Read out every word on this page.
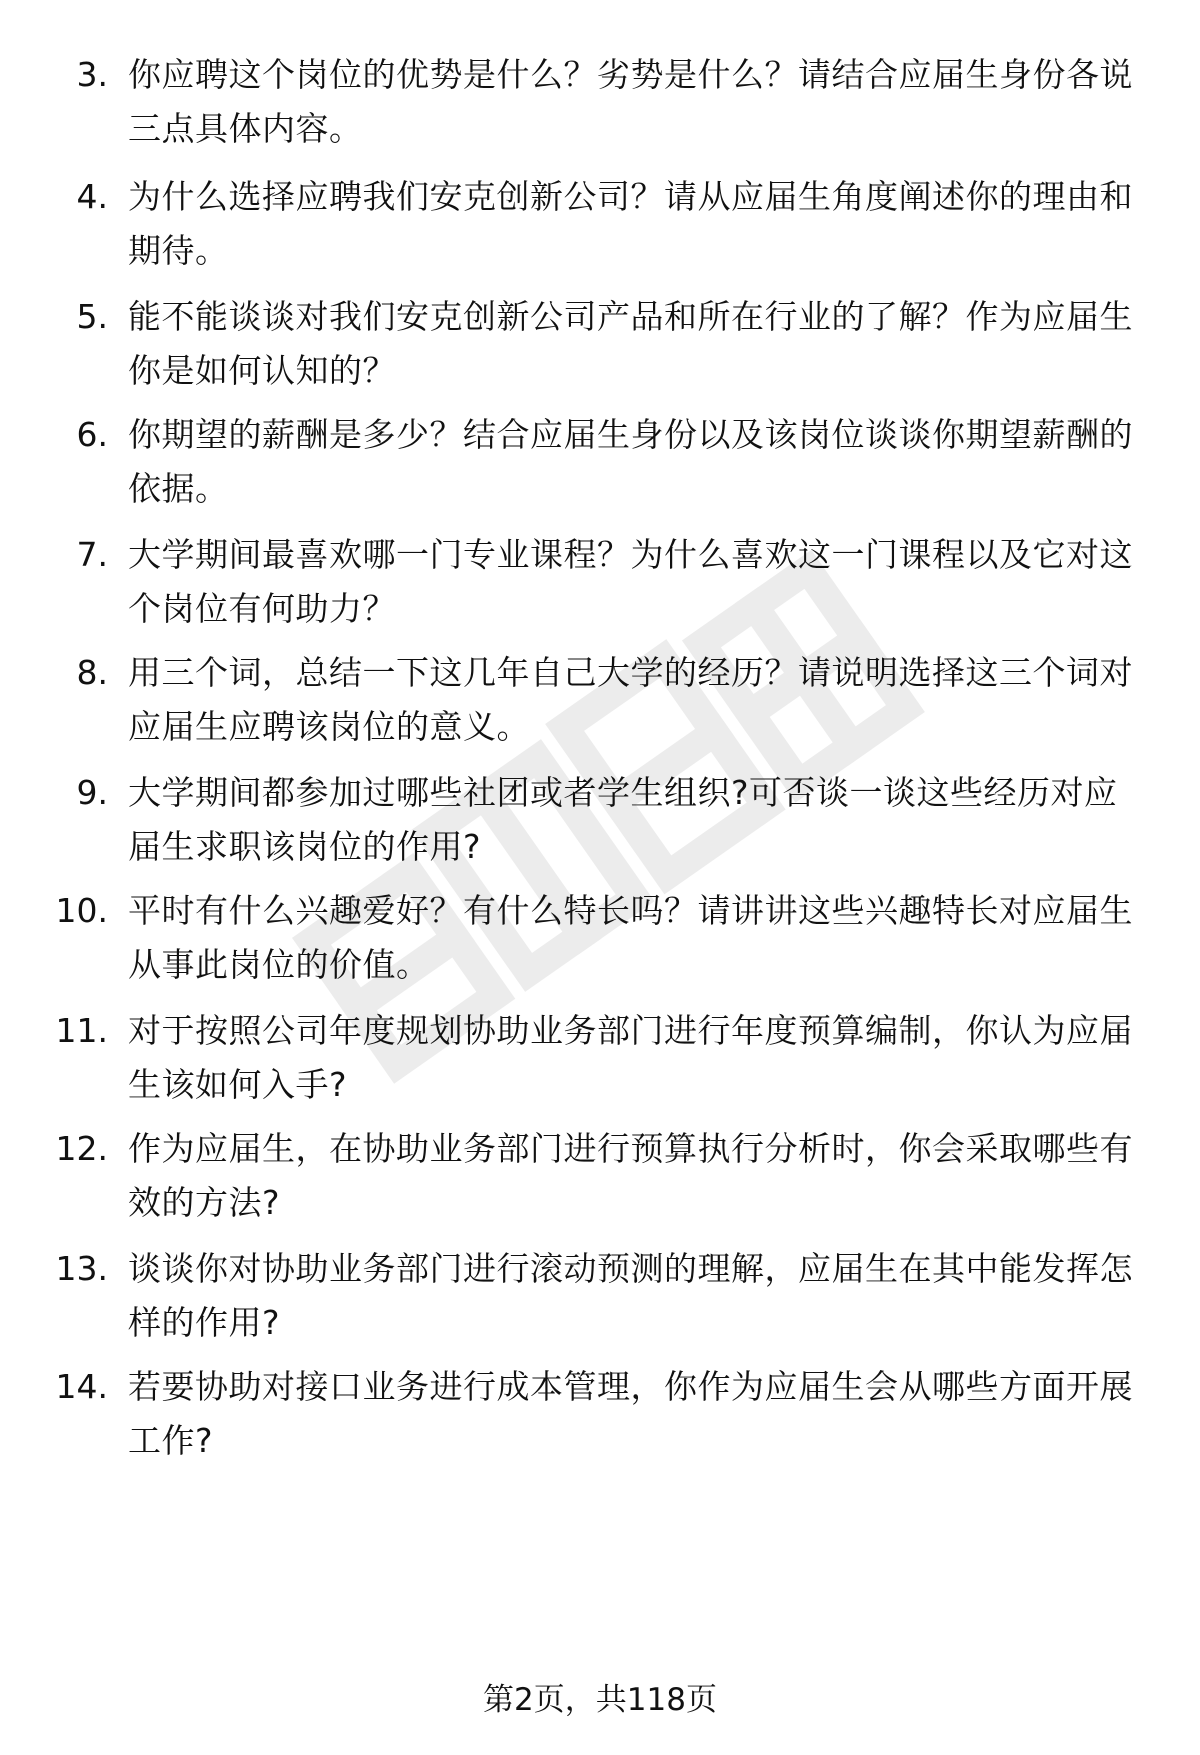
3. 你应聘这个岗位的优势是什么？劣势是什么？请结合应届生身份各说三点具体内容。
4. 为什么选择应聘我们安克创新公司？请从应届生角度阐述你的理由和期待。
5. 能不能谈谈对我们安克创新公司产品和所在行业的了解？作为应届生你是如何认知的？
6. 你期望的薪酬是多少？结合应届生身份以及该岗位谈谈你期望薪酬的依据。
7. 大学期间最喜欢哪一门专业课程？为什么喜欢这一门课程以及它对这个岗位有何助力？
8. 用三个词，总结一下这几年自己大学的经历？请说明选择这三个词对应届生应聘该岗位的意义。
9. 大学期间都参加过哪些社团或者学生组织?可否谈一谈这些经历对应届生求职该岗位的作用?
10. 平时有什么兴趣爱好？有什么特长吗？请讲讲这些兴趣特长对应届生从事此岗位的价值。
11. 对于按照公司年度规划协助业务部门进行年度预算编制，你认为应届生该如何入手?
12. 作为应届生，在协助业务部门进行预算执行分析时，你会采取哪些有效的方法?
13. 谈谈你对协助业务部门进行滚动预测的理解，应届生在其中能发挥怎样的作用?
14. 若要协助对接口业务进行成本管理，你作为应届生会从哪些方面开展工作?
第2页，共118页
